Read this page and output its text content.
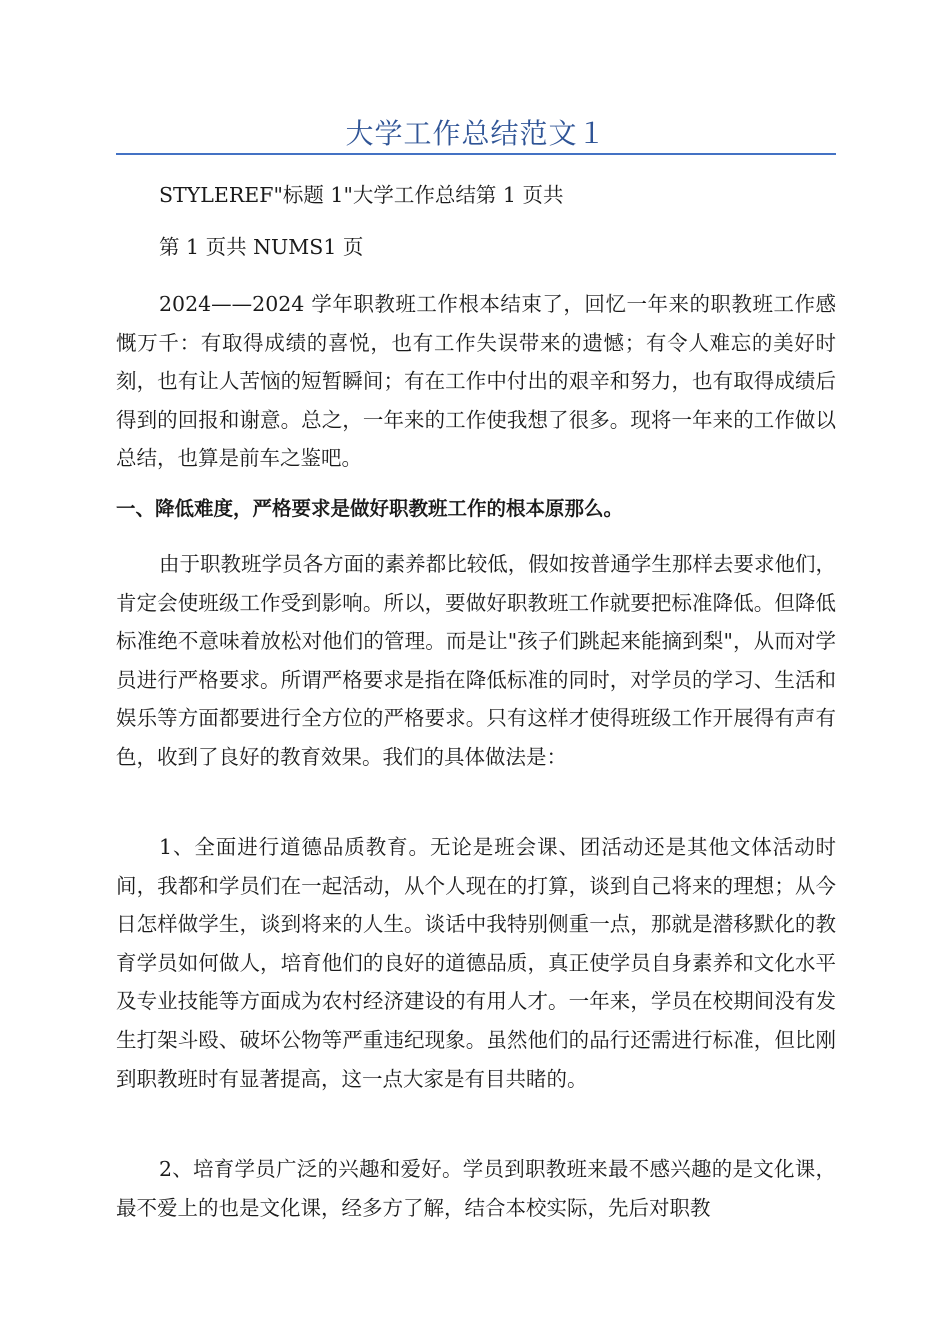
大学工作总结范文１

STYLEREF"标题 1"大学工作总结第 1 页共

第 1 页共 NUMS1 页

2024——2024 学年职教班工作根本结束了，回忆一年来的职教班工作感慨万千：有取得成绩的喜悦，也有工作失误带来的遗憾；有令人难忘的美好时刻，也有让人苦恼的短暂瞬间；有在工作中付出的艰辛和努力，也有取得成绩后得到的回报和谢意。总之，一年来的工作使我想了很多。现将一年来的工作做以总结，也算是前车之鉴吧。

一、降低难度，严格要求是做好职教班工作的根本原那么。

由于职教班学员各方面的素养都比较低，假如按普通学生那样去要求他们，肯定会使班级工作受到影响。所以，要做好职教班工作就要把标准降低。但降低标准绝不意味着放松对他们的管理。而是让"孩子们跳起来能摘到梨"，从而对学员进行严格要求。所谓严格要求是指在降低标准的同时，对学员的学习、生活和娱乐等方面都要进行全方位的严格要求。只有这样才使得班级工作开展得有声有色，收到了良好的教育效果。我们的具体做法是：

1、全面进行道德品质教育。无论是班会课、团活动还是其他文体活动时间，我都和学员们在一起活动，从个人现在的打算，谈到自己将来的理想；从今日怎样做学生，谈到将来的人生。谈话中我特别侧重一点，那就是潜移默化的教育学员如何做人，培育他们的良好的道德品质，真正使学员自身素养和文化水平及专业技能等方面成为农村经济建设的有用人才。一年来，学员在校期间没有发生打架斗殴、破坏公物等严重违纪现象。虽然他们的品行还需进行标准，但比刚到职教班时有显著提高，这一点大家是有目共睹的。

2、培育学员广泛的兴趣和爱好。学员到职教班来最不感兴趣的是文化课，最不爱上的也是文化课，经多方了解，结合本校实际，先后对职教
